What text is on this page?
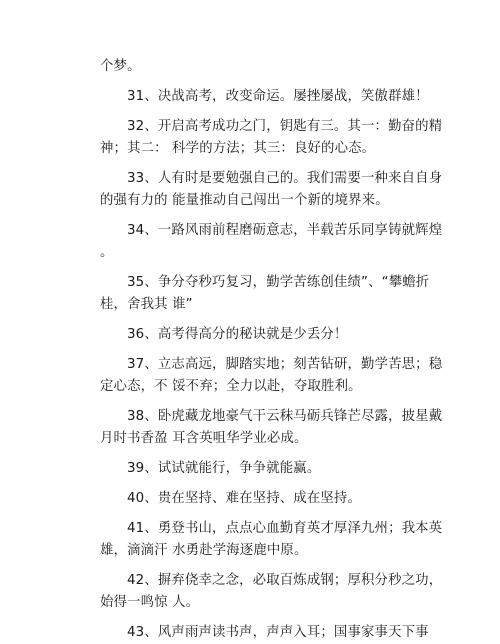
个梦。
31、决战高考，改变命运。屡挫屡战，笑傲群雄！
32、开启高考成功之门，钥匙有三。其一：勤奋的精
神；其二： 科学的方法；其三：良好的心态。
33、人有时是要勉强自己的。我们需要一种来自自身
的强有力的 能量推动自己闯出一个新的境界来。
34、一路风雨前程磨砺意志，半载苦乐同享铸就辉煌
。
35、争分夺秒巧复习，勤学苦练创佳绩”、“攀蟾折
桂，舍我其 谁”
36、高考得高分的秘诀就是少丢分！
37、立志高远，脚踏实地；刻苦钻研，勤学苦思；稳
定心态，不 馁不弃；全力以赴，夺取胜利。
38、卧虎藏龙地豪气干云秣马砺兵锋芒尽露，披星戴
月时书香盈 耳含英咀华学业必成。
39、试试就能行，争争就能赢。
40、贵在坚持、难在坚持、成在坚持。
41、勇登书山，点点心血勤育英才厚泽九州；我本英
雄，滴滴汗 水勇赴学海逐鹿中原。
42、摒弃侥幸之念，必取百炼成钢；厚积分秒之功，
始得一鸣惊 人。
43、风声雨声读书声，声声入耳；国事家事天下事
